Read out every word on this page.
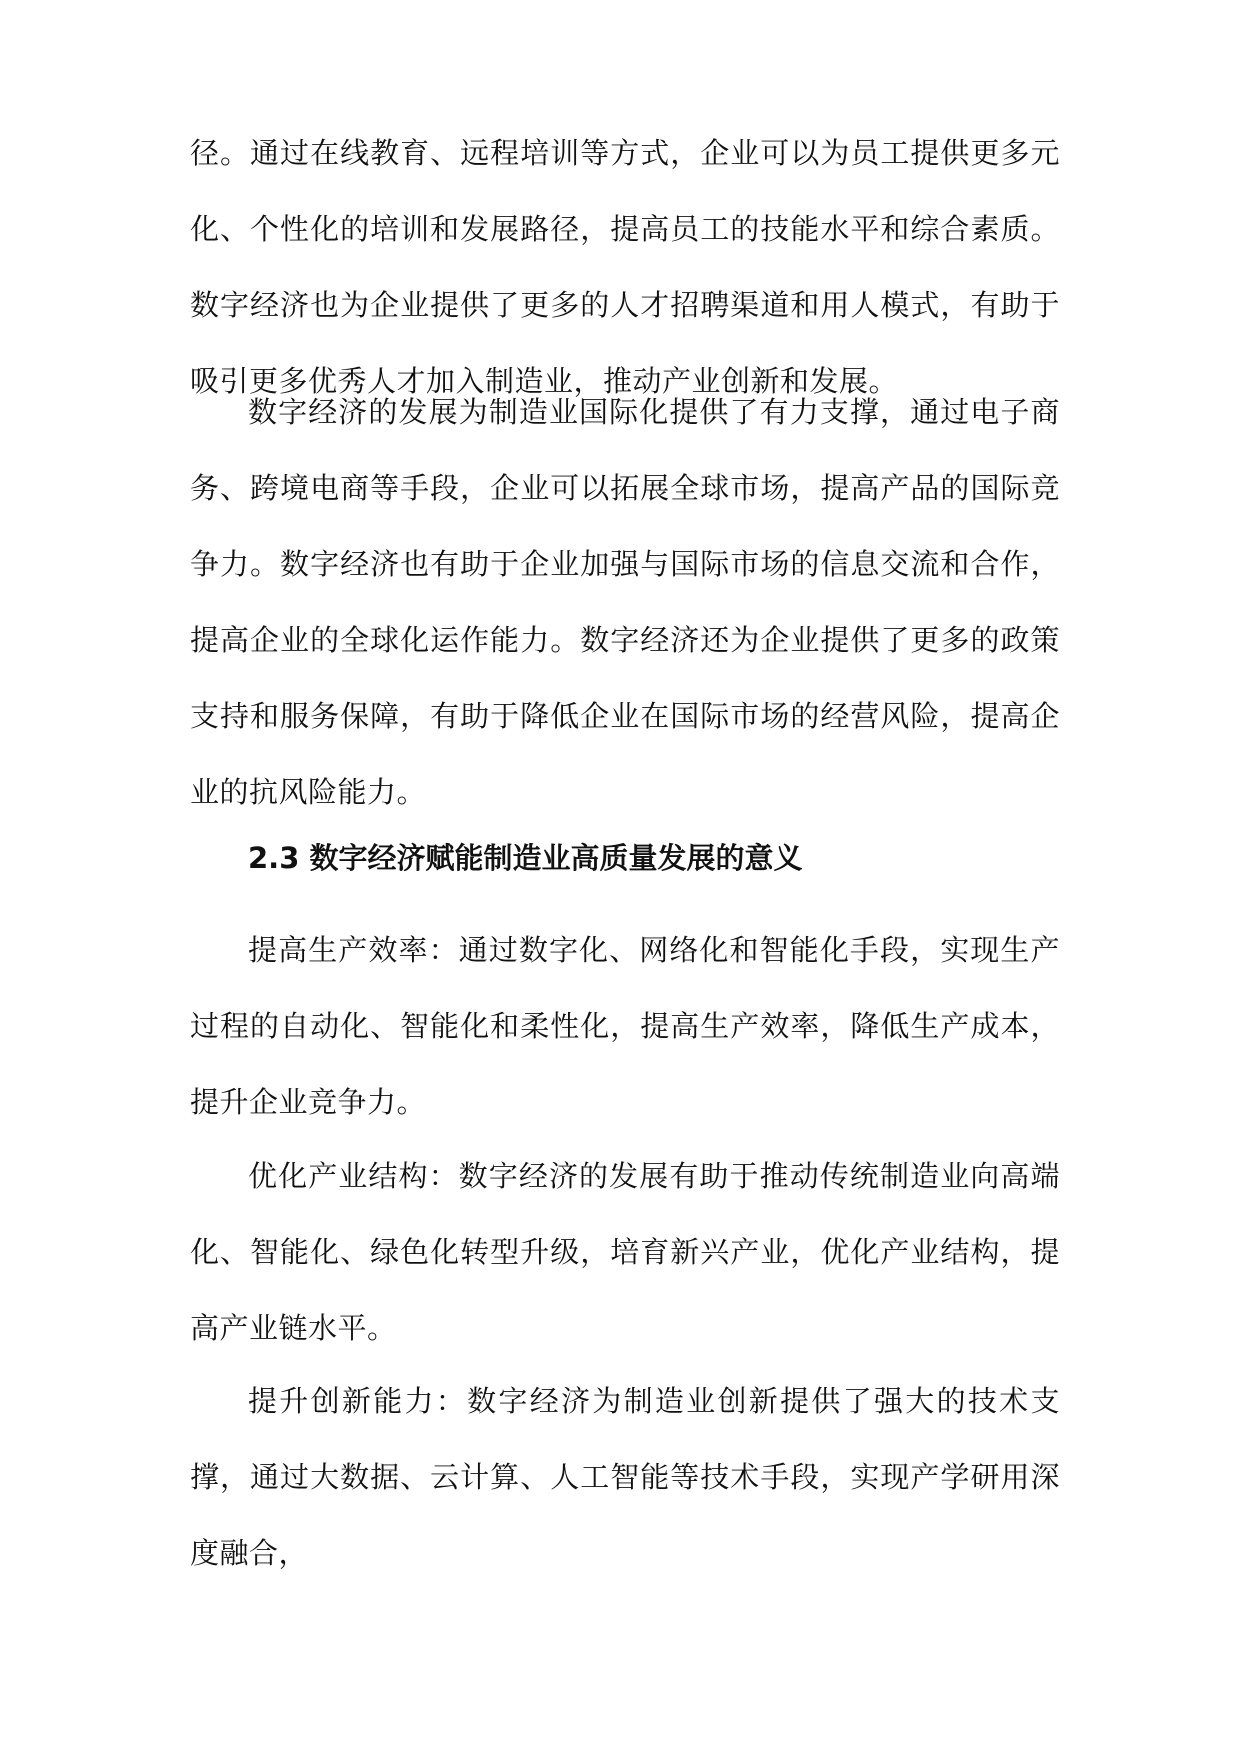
径。通过在线教育、远程培训等方式，企业可以为员工提供更多元化、个性化的培训和发展路径，提高员工的技能水平和综合素质。数字经济也为企业提供了更多的人才招聘渠道和用人模式，有助于吸引更多优秀人才加入制造业，推动产业创新和发展。

数字经济的发展为制造业国际化提供了有力支撑，通过电子商务、跨境电商等手段，企业可以拓展全球市场，提高产品的国际竞争力。数字经济也有助于企业加强与国际市场的信息交流和合作，提高企业的全球化运作能力。数字经济还为企业提供了更多的政策支持和服务保障，有助于降低企业在国际市场的经营风险，提高企业的抗风险能力。

2.3 数字经济赋能制造业高质量发展的意义

提高生产效率：通过数字化、网络化和智能化手段，实现生产过程的自动化、智能化和柔性化，提高生产效率，降低生产成本，提升企业竞争力。

优化产业结构：数字经济的发展有助于推动传统制造业向高端化、智能化、绿色化转型升级，培育新兴产业，优化产业结构，提高产业链水平。

提升创新能力：数字经济为制造业创新提供了强大的技术支撑，通过大数据、云计算、人工智能等技术手段，实现产学研用深度融合，
